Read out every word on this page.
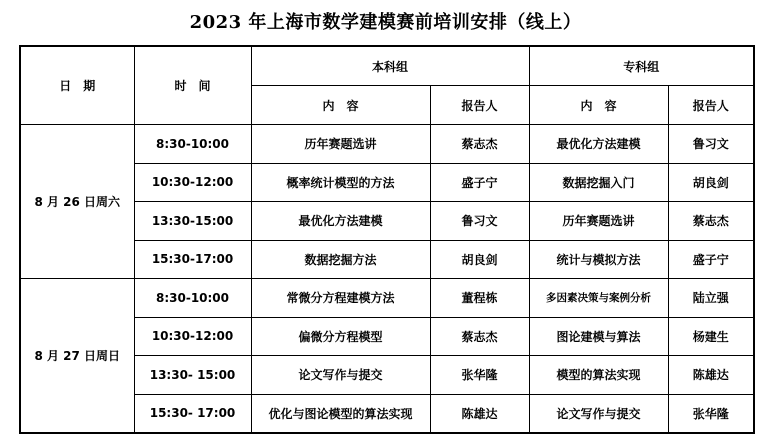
2023 年上海市数学建模赛前培训安排（线上）
日　期	时　间	本科组		专科组	
		内　容	报告人	内　容	报告人
8 月 26 日周六	8:30-10:00	历年赛题选讲	蔡志杰	最优化方法建模	鲁习文
	10:30-12:00	概率统计模型的方法	盛子宁	数据挖掘入门	胡良剑
	13:30-15:00	最优化方法建模	鲁习文	历年赛题选讲	蔡志杰
	15:30-17:00	数据挖掘方法	胡良剑	统计与模拟方法	盛子宁
8 月 27 日周日	8:30-10:00	常微分方程建模方法	董程栋	多因素决策与案例分析	陆立强
	10:30-12:00	偏微分方程模型	蔡志杰	图论建模与算法	杨建生
	13:30- 15:00	论文写作与提交	张华隆	模型的算法实现	陈雄达
	15:30- 17:00	优化与图论模型的算法实现	陈雄达	论文写作与提交	张华隆
